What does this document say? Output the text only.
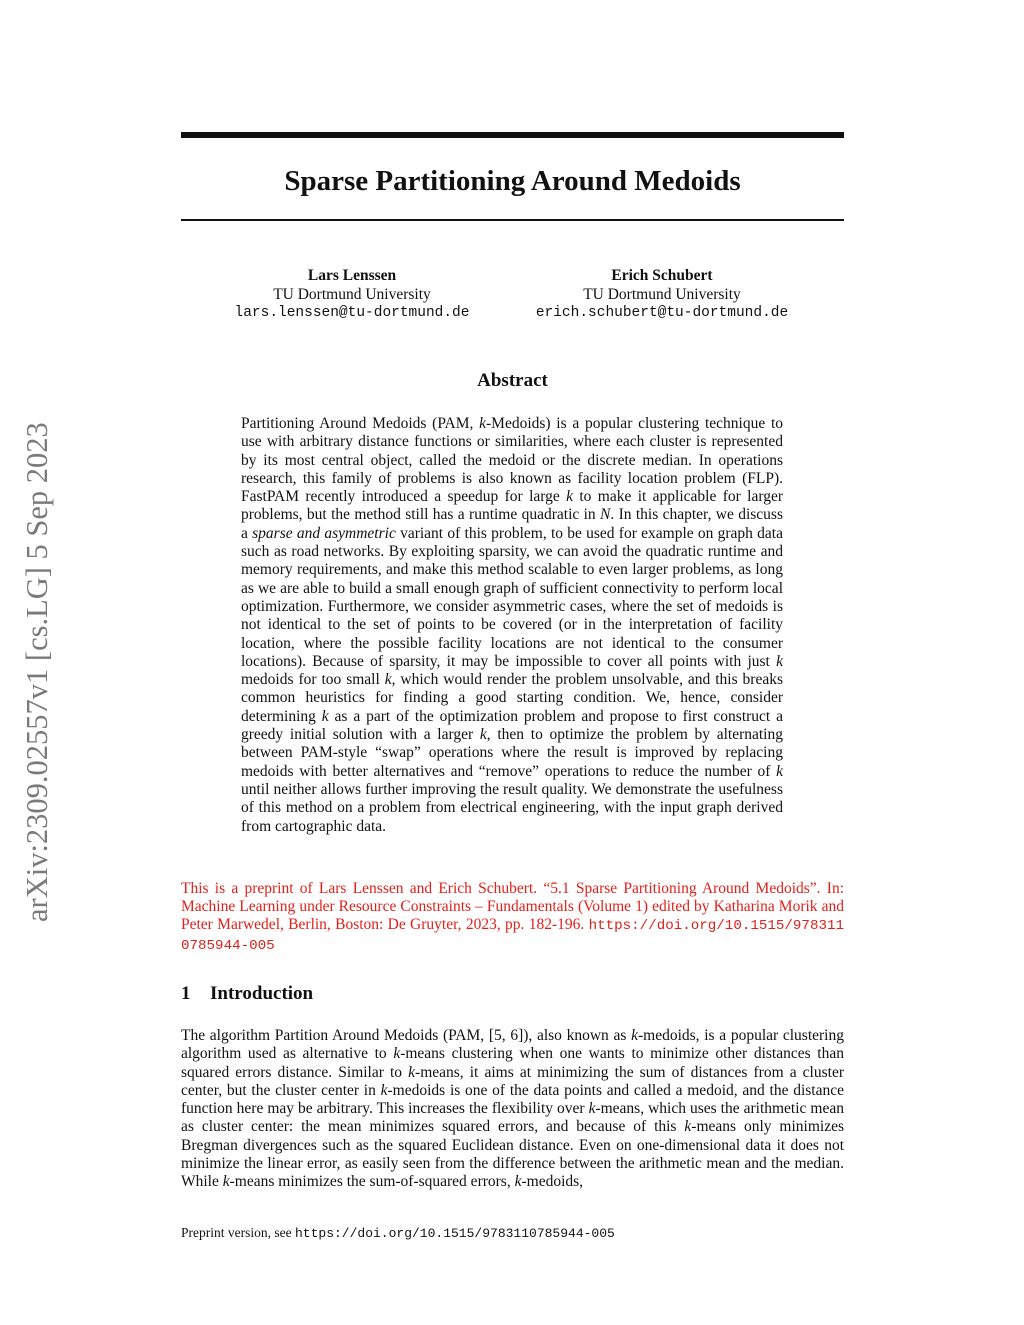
Sparse Partitioning Around Medoids
Lars Lenssen
TU Dortmund University
lars.lenssen@tu-dortmund.de
Erich Schubert
TU Dortmund University
erich.schubert@tu-dortmund.de
arXiv:2309.02557v1 [cs.LG] 5 Sep 2023
Abstract

Partitioning Around Medoids (PAM, k-Medoids) is a popular clustering technique to use with arbitrary distance functions or similarities, where each cluster is represented by its most central object, called the medoid or the discrete median. In operations research, this family of problems is also known as facility location problem (FLP). FastPAM recently introduced a speedup for large k to make it applicable for larger problems, but the method still has a runtime quadratic in N. In this chapter, we discuss a sparse and asymmetric variant of this problem, to be used for example on graph data such as road networks. By exploiting sparsity, we can avoid the quadratic runtime and memory requirements, and make this method scalable to even larger problems, as long as we are able to build a small enough graph of sufficient connectivity to perform local optimization. Furthermore, we consider asymmetric cases, where the set of medoids is not identical to the set of points to be covered (or in the interpretation of facility location, where the possible facility locations are not identical to the consumer locations). Because of sparsity, it may be impossible to cover all points with just k medoids for too small k, which would render the problem unsolvable, and this breaks common heuristics for finding a good starting condition. We, hence, consider determining k as a part of the optimization problem and propose to first construct a greedy initial solution with a larger k, then to optimize the problem by alternating between PAM-style “swap” operations where the result is improved by replacing medoids with better alternatives and “remove” operations to reduce the number of k until neither allows further improving the result quality. We demonstrate the usefulness of this method on a problem from electrical engineering, with the input graph derived from cartographic data.

This is a preprint of Lars Lenssen and Erich Schubert. “5.1 Sparse Partitioning Around Medoids”. In: Machine Learning under Resource Constraints – Fundamentals (Volume 1) edited by Katharina Morik and Peter Marwedel, Berlin, Boston: De Gruyter, 2023, pp. 182-196. https://doi.org/10.1515/9783110785944-005

1 Introduction

The algorithm Partition Around Medoids (PAM, [5, 6]), also known as k-medoids, is a popular clustering algorithm used as alternative to k-means clustering when one wants to minimize other distances than squared errors distance. Similar to k-means, it aims at minimizing the sum of distances from a cluster center, but the cluster center in k-medoids is one of the data points and called a medoid, and the distance function here may be arbitrary. This increases the flexibility over k-means, which uses the arithmetic mean as cluster center: the mean minimizes squared errors, and because of this k-means only minimizes Bregman divergences such as the squared Euclidean distance. Even on one-dimensional data it does not minimize the linear error, as easily seen from the difference between the arithmetic mean and the median. While k-means minimizes the sum-of-squared errors, k-medoids,

Preprint version, see https://doi.org/10.1515/9783110785944-005
